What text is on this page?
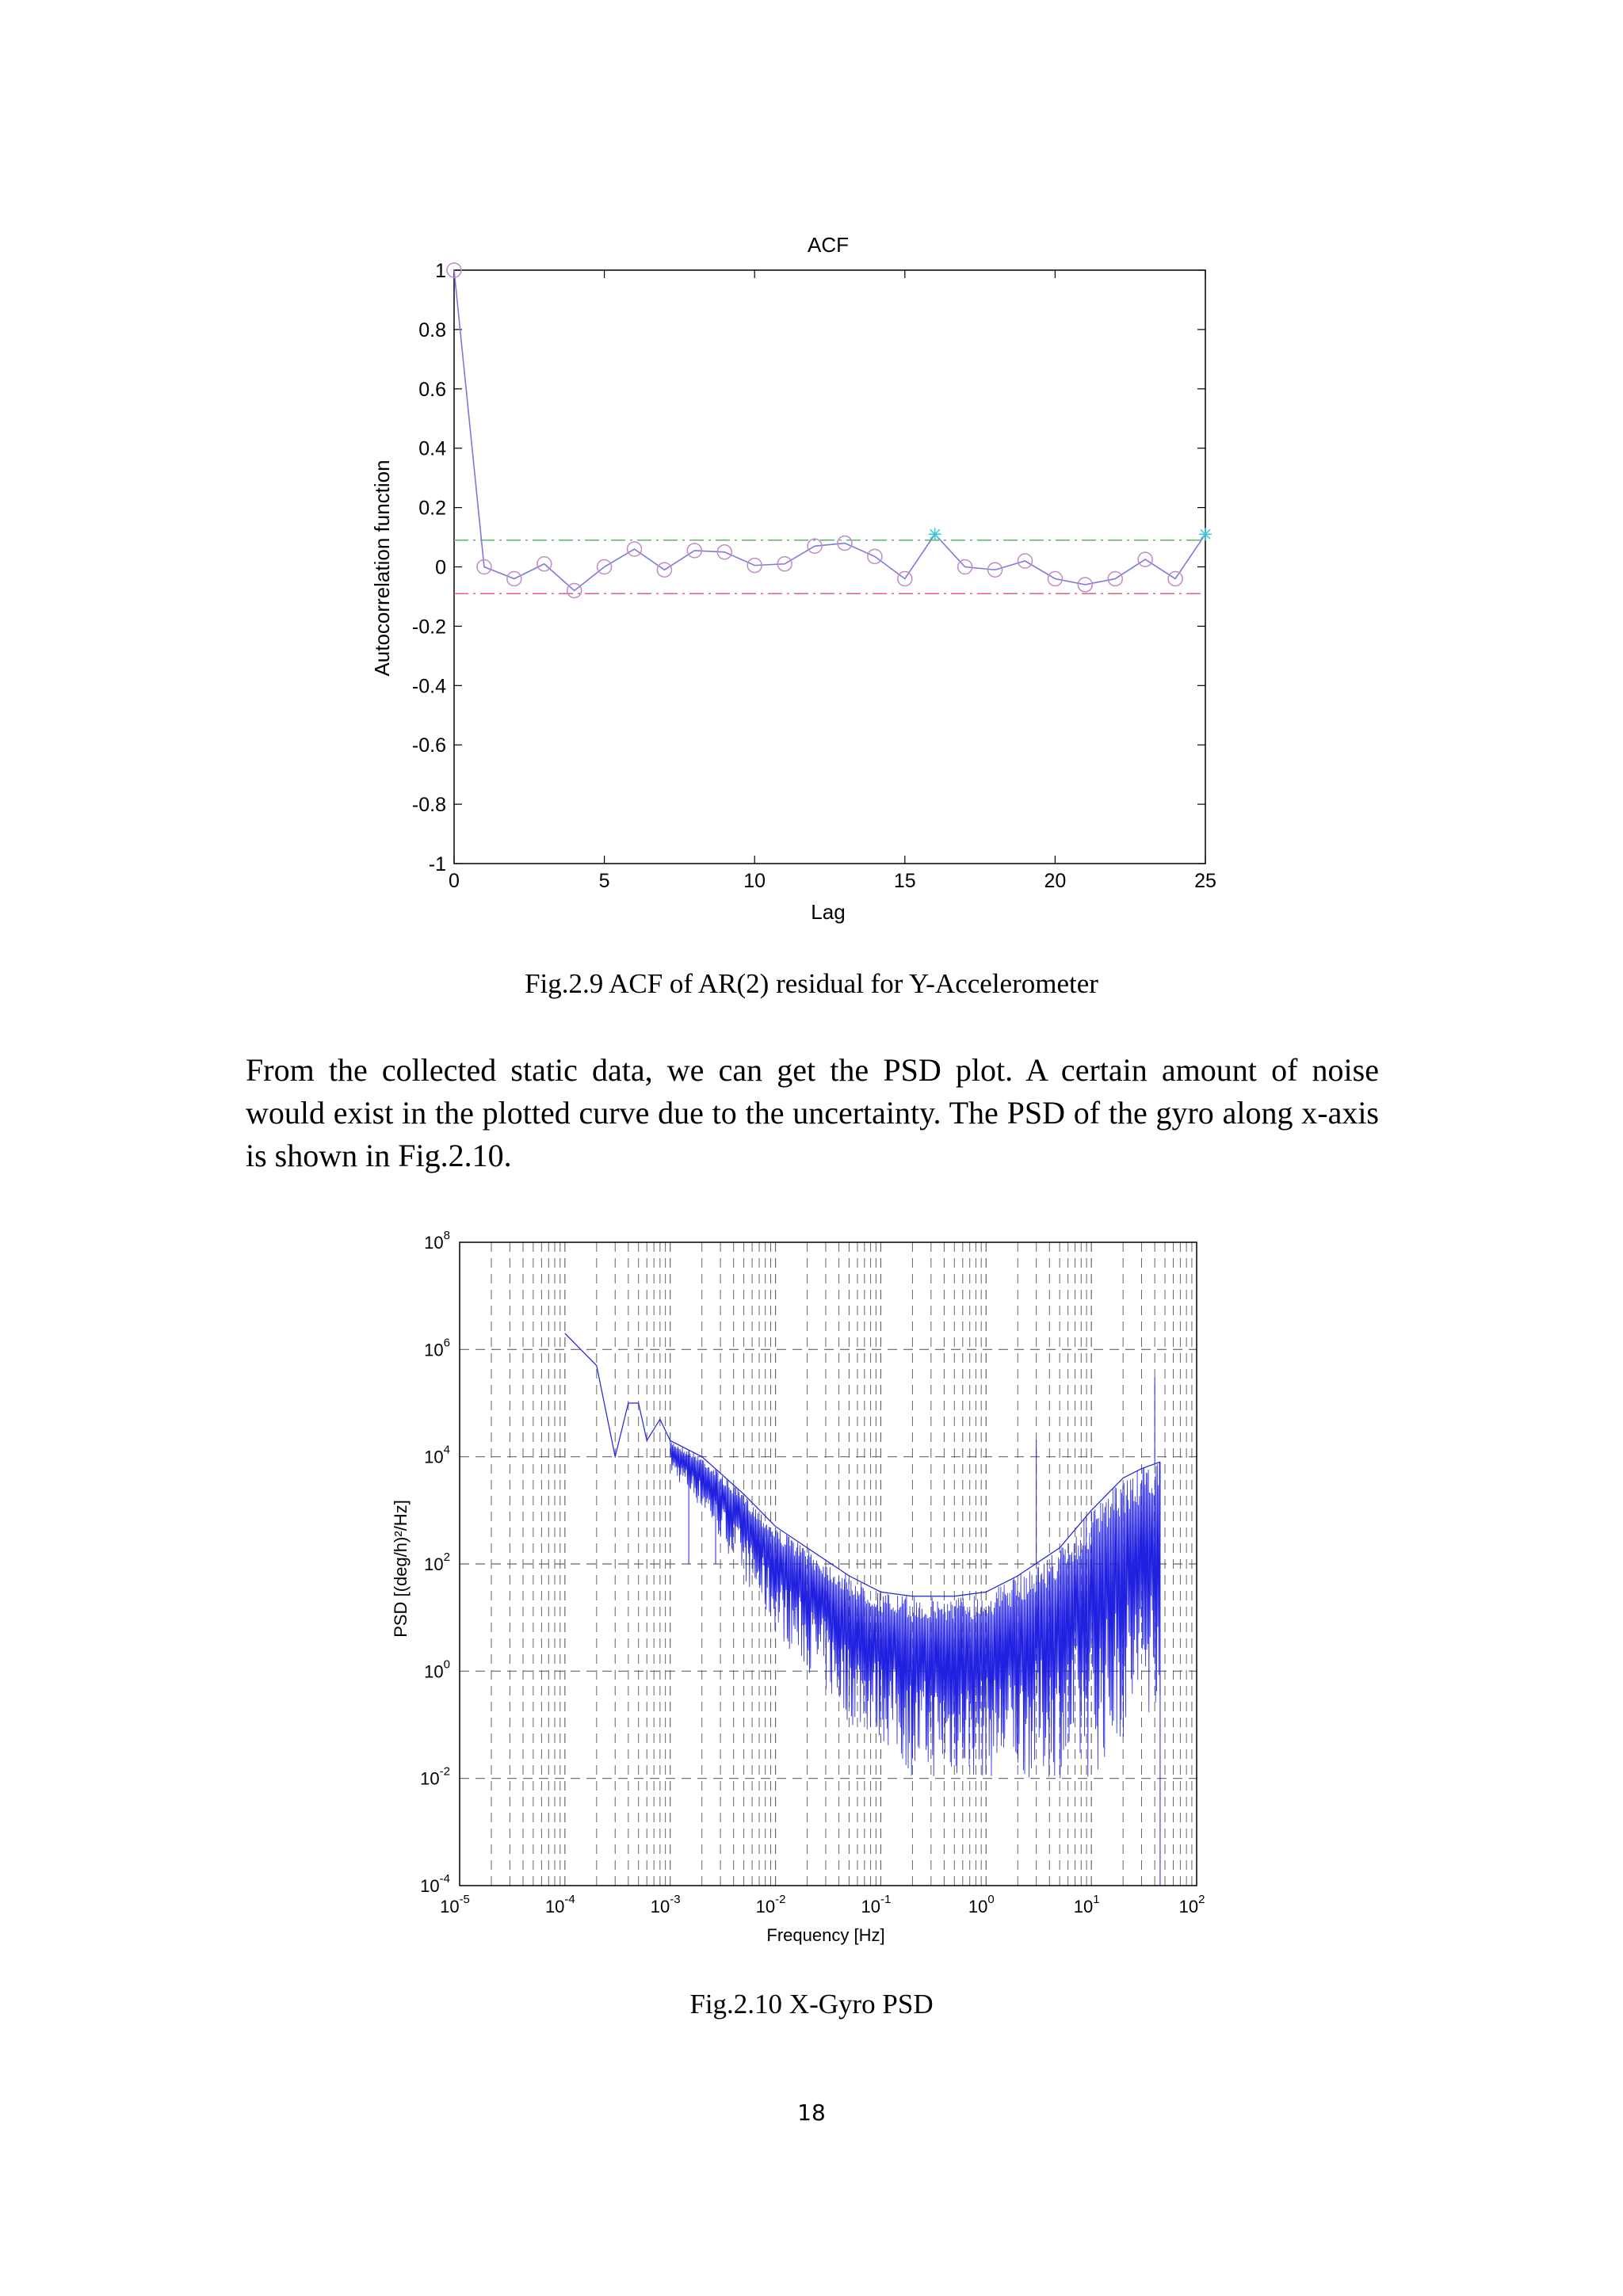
ACF
Autocorrelation function
Lag
1
0.8
0.6
0.4
0.2
0
-0.2
-0.4
-0.6
-0.8
-1
0	5	10	15	20	25
Fig.2.9 ACF of AR(2) residual for Y-Accelerometer
From the collected static data, we can get the PSD plot. A certain amount of noise
would exist in the plotted curve due to the uncertainty. The PSD of the gyro along x-axis
is shown in Fig.2.10.
PSD [(deg/h)²/Hz]
Frequency [Hz]
$10^8$
$10^6$
$10^4$
$10^2$
$10^0$
$10^{-2}$
$10^{-4}$
$10^{-5}$	$10^{-4}$	$10^{-3}$	$10^{-2}$	$10^{-1}$	$10^0$	$10^1$	$10^2$
Fig.2.10 X-Gyro PSD
18
